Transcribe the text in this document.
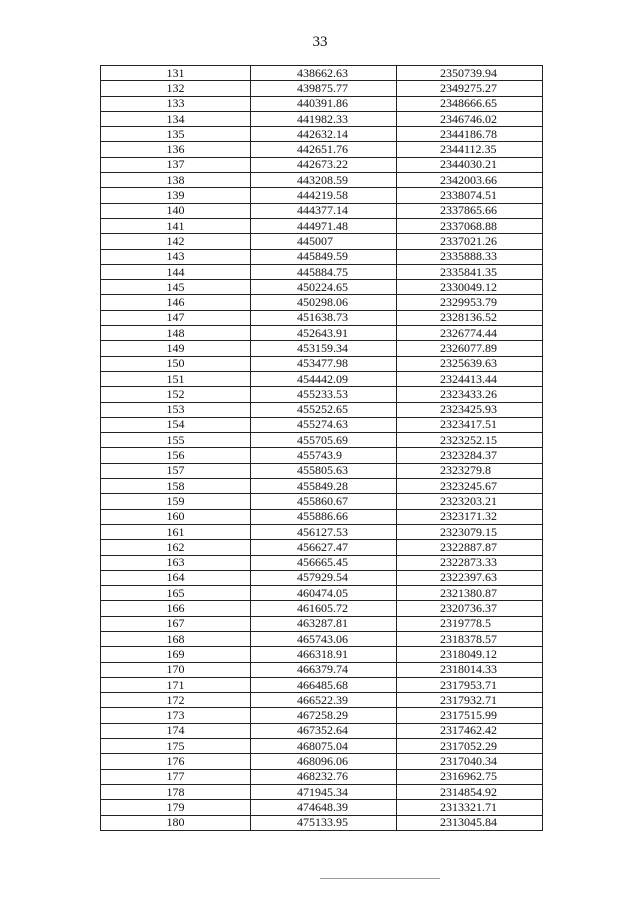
33
131	438662.63	2350739.94
132	439875.77	2349275.27
133	440391.86	2348666.65
134	441982.33	2346746.02
135	442632.14	2344186.78
136	442651.76	2344112.35
137	442673.22	2344030.21
138	443208.59	2342003.66
139	444219.58	2338074.51
140	444377.14	2337865.66
141	444971.48	2337068.88
142	445007	2337021.26
143	445849.59	2335888.33
144	445884.75	2335841.35
145	450224.65	2330049.12
146	450298.06	2329953.79
147	451638.73	2328136.52
148	452643.91	2326774.44
149	453159.34	2326077.89
150	453477.98	2325639.63
151	454442.09	2324413.44
152	455233.53	2323433.26
153	455252.65	2323425.93
154	455274.63	2323417.51
155	455705.69	2323252.15
156	455743.9	2323284.37
157	455805.63	2323279.8
158	455849.28	2323245.67
159	455860.67	2323203.21
160	455886.66	2323171.32
161	456127.53	2323079.15
162	456627.47	2322887.87
163	456665.45	2322873.33
164	457929.54	2322397.63
165	460474.05	2321380.87
166	461605.72	2320736.37
167	463287.81	2319778.5
168	465743.06	2318378.57
169	466318.91	2318049.12
170	466379.74	2318014.33
171	466485.68	2317953.71
172	466522.39	2317932.71
173	467258.29	2317515.99
174	467352.64	2317462.42
175	468075.04	2317052.29
176	468096.06	2317040.34
177	468232.76	2316962.75
178	471945.34	2314854.92
179	474648.39	2313321.71
180	475133.95	2313045.84
